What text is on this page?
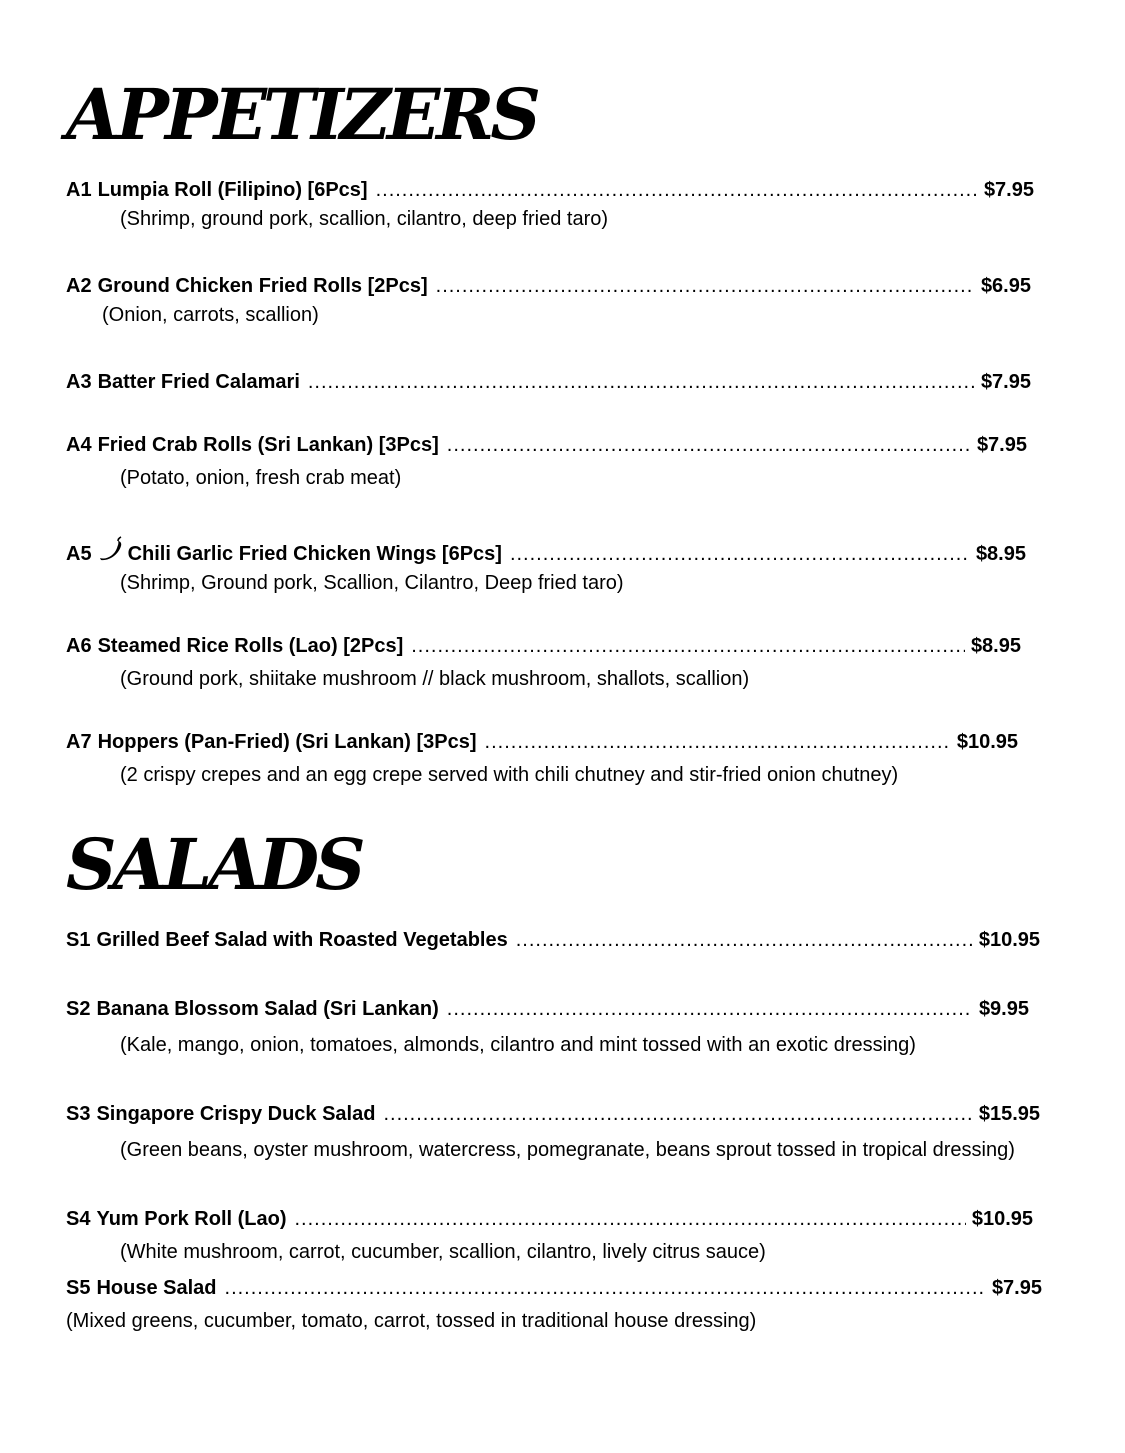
APPETIZERS
A1 Lumpia Roll (Filipino) [6Pcs] .....	$7.95
(Shrimp, ground pork, scallion, cilantro, deep fried taro)
A2 Ground Chicken Fried Rolls [2Pcs] .....	$6.95
(Onion, carrots, scallion)
A3 Batter Fried Calamari .....	$7.95
A4 Fried Crab Rolls (Sri Lankan) [3Pcs] .....	$7.95
(Potato, onion, fresh crab meat)
A5 Chili Garlic Fried Chicken Wings [6Pcs] .....	$8.95
(Shrimp, Ground pork, Scallion, Cilantro, Deep fried taro)
A6 Steamed Rice Rolls (Lao) [2Pcs] .....	$8.95
(Ground pork, shiitake mushroom // black mushroom, shallots, scallion)
A7 Hoppers (Pan-Fried) (Sri Lankan) [3Pcs] .....	$10.95
(2 crispy crepes and an egg crepe served with chili chutney and stir-fried onion chutney)
SALADS
S1 Grilled Beef Salad with Roasted Vegetables .....	$10.95
S2 Banana Blossom Salad (Sri Lankan) .....	$9.95
(Kale, mango, onion, tomatoes, almonds, cilantro and mint tossed with an exotic dressing)
S3 Singapore Crispy Duck Salad .....	$15.95
(Green beans, oyster mushroom, watercress, pomegranate, beans sprout tossed in tropical dressing)
S4 Yum Pork Roll (Lao) .....	$10.95
(White mushroom, carrot, cucumber, scallion, cilantro, lively citrus sauce)
S5 House Salad .....	$7.95
(Mixed greens, cucumber, tomato, carrot, tossed in traditional house dressing)
